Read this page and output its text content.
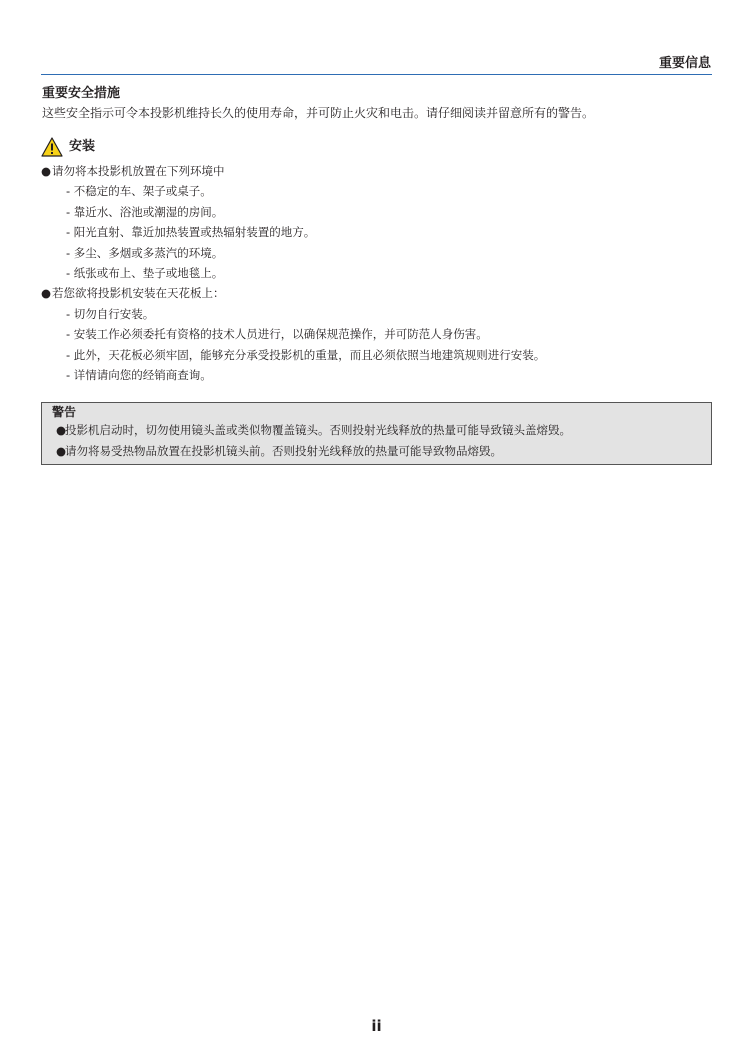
重要信息
重要安全措施
这些安全指示可令本投影机维持长久的使用寿命，并可防止火灾和电击。请仔细阅读并留意所有的警告。
安装
●请勿将本投影机放置在下列环境中
- 不稳定的车、架子或桌子。
- 靠近水、浴池或潮湿的房间。
- 阳光直射、靠近加热装置或热辐射装置的地方。
- 多尘、多烟或多蒸汽的环境。
- 纸张或布上、垫子或地毯上。
●若您欲将投影机安装在天花板上：
- 切勿自行安装。
- 安装工作必须委托有资格的技术人员进行，以确保规范操作，并可防范人身伤害。
- 此外，天花板必须牢固，能够充分承受投影机的重量，而且必须依照当地建筑规则进行安装。
- 详情请向您的经销商查询。
警告
●投影机启动时，切勿使用镜头盖或类似物覆盖镜头。否则投射光线释放的热量可能导致镜头盖熔毁。
●请勿将易受热物品放置在投影机镜头前。否则投射光线释放的热量可能导致物品熔毁。
ii
